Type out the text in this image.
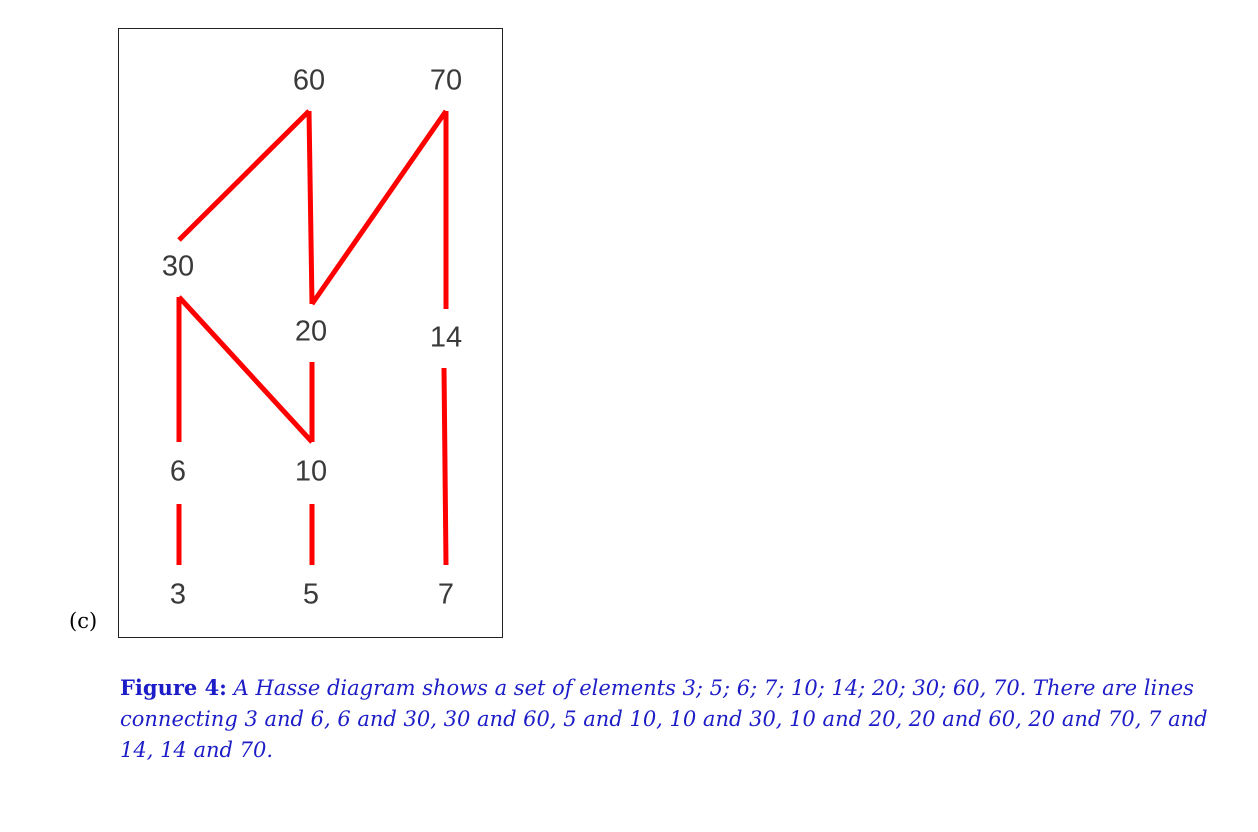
(c)
3	5	7
6	10
14
20
30
60	70
Figure 4: A Hasse diagram shows a set of elements 3; 5; 6; 7; 10; 14; 20; 30; 60, 70. There are lines connecting 3 and 6, 6 and 30, 30 and 60, 5 and 10, 10 and 30, 10 and 20, 20 and 60, 20 and 70, 7 and 14, 14 and 70.
